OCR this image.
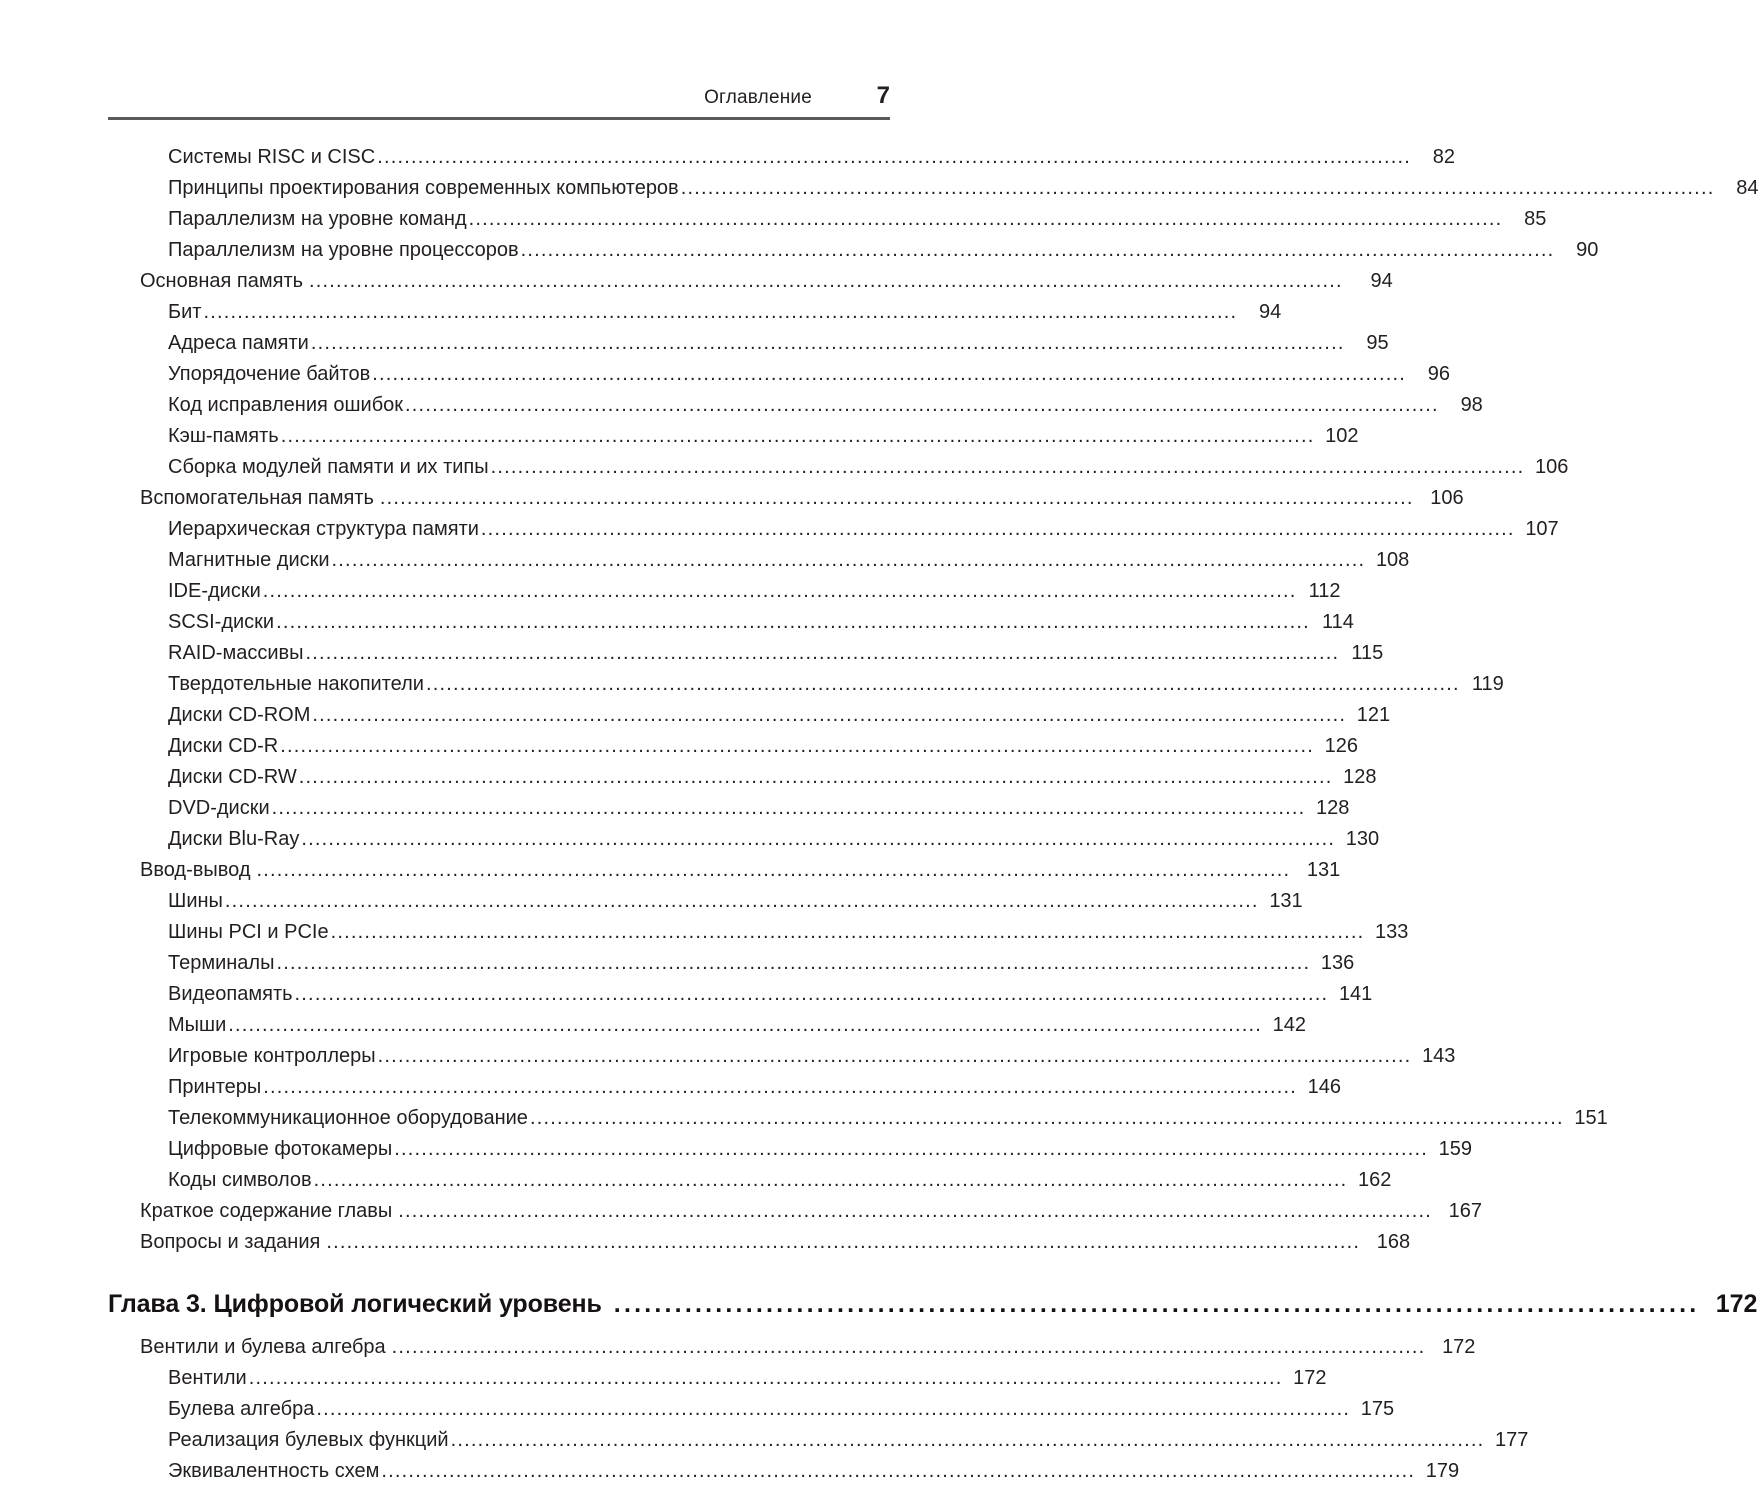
Оглавление	7
Системы RISC и CISC .....	82
Принципы проектирования современных компьютеров .....	84
Параллелизм на уровне команд .....	85
Параллелизм на уровне процессоров .....	90
Основная память .....	94
Бит .....	94
Адреса памяти .....	95
Упорядочение байтов .....	96
Код исправления ошибок .....	98
Кэш-память .....	102
Сборка модулей памяти и их типы .....	106
Вспомогательная память .....	106
Иерархическая структура памяти .....	107
Магнитные диски .....	108
IDE-диски .....	112
SCSI-диски .....	114
RAID-массивы .....	115
Твердотельные накопители .....	119
Диски CD-ROM .....	121
Диски CD-R .....	126
Диски CD-RW .....	128
DVD-диски .....	128
Диски Blu-Ray .....	130
Ввод-вывод .....	131
Шины .....	131
Шины PCI и PCIe .....	133
Терминалы .....	136
Видеопамять .....	141
Мыши .....	142
Игровые контроллеры .....	143
Принтеры .....	146
Телекоммуникационное оборудование .....	151
Цифровые фотокамеры .....	159
Коды символов .....	162
Краткое содержание главы .....	167
Вопросы и задания .....	168
Глава 3. Цифровой логический уровень .....	172
Вентили и булева алгебра .....	172
Вентили .....	172
Булева алгебра .....	175
Реализация булевых функций .....	177
Эквивалентность схем .....	179
